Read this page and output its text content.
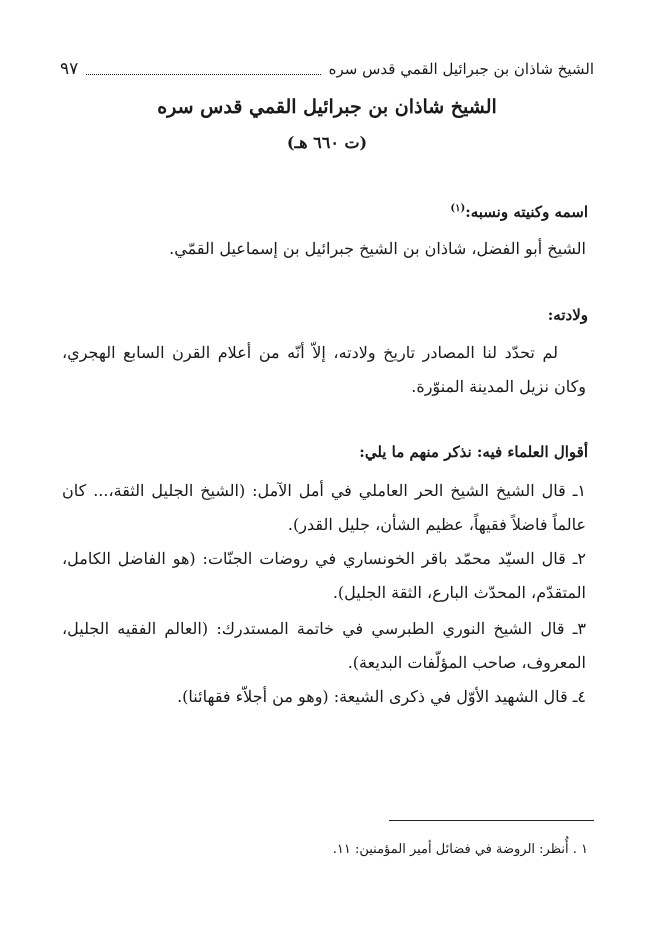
٩٧	الشيخ شاذان بن جبرائيل القمي قدس سره
الشيخ شاذان بن جبرائيل القمي قدس سره
(ت ٦٦٠ هـ)
اسمه وكنيته ونسبه:$^{(١)}$
الشيخ أبو الفضل، شاذان بن الشيخ جبرائيل بن إسماعيل القمّي.
ولادته:
لم تحدّد لنا المصادر تاريخ ولادته، إلاّ أنّه من أعلام القرن السابع الهجري، وكان نزيل المدينة المنوّرة.
أقوال العلماء فيه: نذكر منهم ما يلي:
١ـ قال الشيخ الشيخ الحر العاملي في أمل الآمل: (الشيخ الجليل الثقة،... كان عالماً فاضلاً فقيهاً، عظيم الشأن، جليل القدر).
٢ـ قال السيّد محمّد باقر الخونساري في روضات الجنّات: (هو الفاضل الكامل، المتقدّم، المحدّث البارع، الثقة الجليل).
٣ـ قال الشيخ النوري الطبرسي في خاتمة المستدرك: (العالم الفقيه الجليل، المعروف، صاحب المؤلّفات البديعة).
٤ـ قال الشهيد الأوّل في ذكرى الشيعة: (وهو من أجلاّء فقهائنا).
١ . أُنظر: الروضة في فضائل أمير المؤمنين: ١١.
